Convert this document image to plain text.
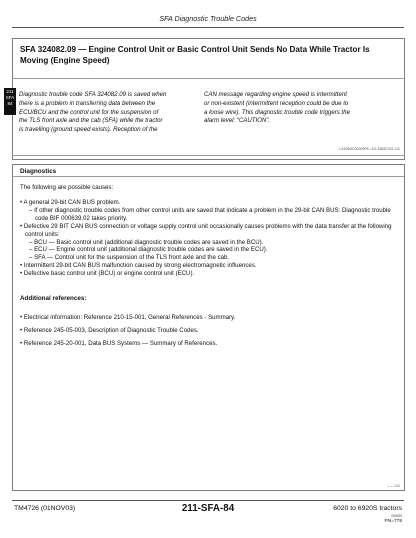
SFA Diagnostic Trouble Codes
SFA 324082.09 — Engine Control Unit or Basic Control Unit Sends No Data While Tractor Is Moving (Engine Speed)
211
SFA
84
Diagnostic trouble code SFA 324082.09 is saved when
there is a problem in transferring data between the
ECU/BCU and the control unit for the suspension of
the TLS front axle and the cab (SFA) while the tractor
is travelling (ground speed exists). Reception of the
CAN message regarding engine speed is intermittent
or non-existent (intermittent reception could be due to
a loose wire). This diagnostic trouble code triggers the
alarm level: “CAUTION”.
LX20506,00000F5 –19–16DEC03–1/1
Diagnostics
The following are possible causes:

• A general 29-bit CAN BUS problem.

– If other diagnostic trouble codes from other control units are saved that indicate a problem in the 29-bit CAN BUS: Diagnostic trouble code BIF 000639.02 takes priority.

• Defective 29 BIT CAN BUS connection or voltage supply control unit occasionally causes problems with the data transfer at the following control units:

– BCU — Basic control unit (additional diagnostic trouble codes are saved in the BCU).

– ECU — Engine control unit (additional diagnostic trouble codes are saved in the ECU).

– SFA — Control unit for the suspension of the TLS front axle and the cab.

• Intermittent 29-bit CAN BUS malfunction caused by strong electromagnetic influences.

• Defective basic control unit (BCU) or engine control unit (ECU).

Additional references:
• Electrical information: Reference 210-15-001, General References - Summary.
• Reference 245-05-003, Description of Diagnostic Trouble Codes.
• Reference 245-20-001, Data BUS Systems — Summary of References.
– – –1/1
TM4726 (01NOV03)	211-SFA-84	6020 to 6920S tractors
000000
PN=778
